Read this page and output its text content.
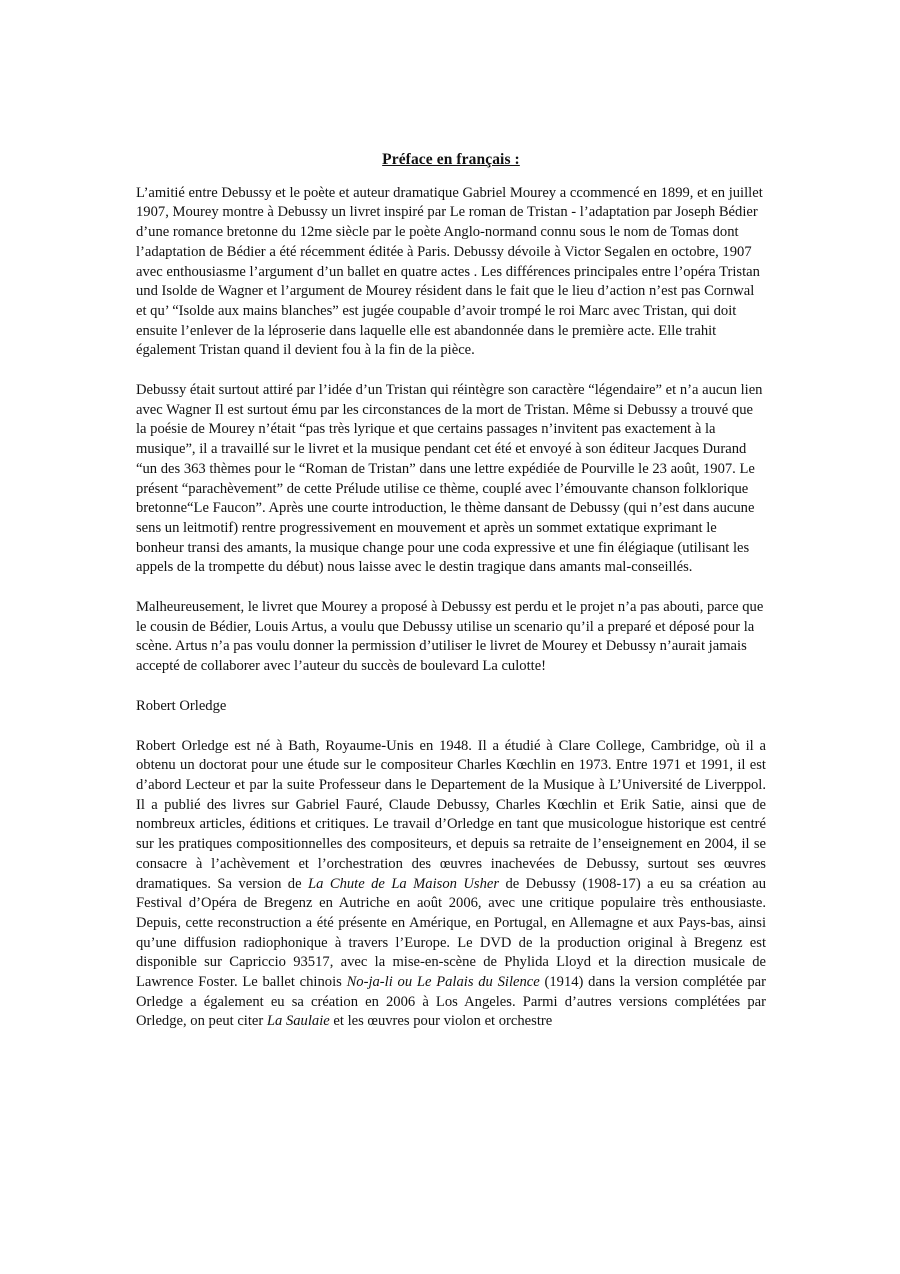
Préface en français :

L’amitié entre Debussy et le poète et auteur dramatique Gabriel Mourey a ccommencé en 1899, et en juillet 1907, Mourey montre à Debussy un livret inspiré par Le roman de Tristan - l’adaptation par Joseph Bédier d’une romance bretonne du 12me siècle par le poète Anglo-normand connu sous le nom de Tomas dont l’adaptation de Bédier a été récemment éditée à Paris. Debussy dévoile à Victor Segalen en octobre, 1907 avec enthousiasme l’argument d’un ballet en quatre actes . Les différences principales entre l’opéra Tristan und Isolde de Wagner et l’argument de Mourey résident dans le fait que le lieu d’action n’est pas Cornwal et qu’ “Isolde aux mains blanches” est jugée coupable d’avoir trompé le roi Marc avec Tristan, qui doit ensuite l’enlever de la léproserie dans laquelle elle est abandonnée dans le première acte. Elle trahit également Tristan quand il devient fou à la fin de la pièce.

Debussy était surtout attiré par l’idée d’un Tristan qui réintègre son caractère “légendaire” et n’a aucun lien avec Wagner Il est surtout ému par les circonstances de la mort de Tristan. Même si Debussy a trouvé que la poésie de Mourey n’était “pas très lyrique et que certains passages n’invitent pas exactement à la musique”, il a travaillé sur le livret et la musique pendant cet été et envoyé à son éditeur Jacques Durand “un des 363 thèmes pour le “Roman de Tristan” dans une lettre expédiée de Pourville le 23 août, 1907. Le présent “parachèvement” de cette Prélude utilise ce thème, couplé avec l’émouvante chanson folklorique bretonne“Le Faucon”. Après une courte introduction, le thème dansant de Debussy (qui n’est dans aucune sens un leitmotif) rentre progressivement en mouvement et après un sommet extatique exprimant le bonheur transi des amants, la musique change pour une coda expressive et une fin élégiaque (utilisant les appels de la trompette du début) nous laisse avec le destin tragique dans amants mal-conseillés.

Malheureusement, le livret que Mourey a proposé à Debussy est perdu et le projet n’a pas abouti, parce que le cousin de Bédier, Louis Artus, a voulu que Debussy utilise un scenario qu’il a preparé et déposé pour la scène. Artus n’a pas voulu donner la permission d’utiliser le livret de Mourey et Debussy n’aurait jamais accepté de collaborer avec l’auteur du succès de boulevard La culotte!

Robert Orledge

Robert Orledge est né à Bath, Royaume-Unis en 1948. Il a étudié à Clare College, Cambridge, où il a obtenu un doctorat pour une étude sur le compositeur Charles Kœchlin en 1973. Entre 1971 et 1991, il est d’abord Lecteur et par la suite Professeur dans le Departement de la Musique à L’Université de Liverppol. Il a publié des livres sur Gabriel Fauré, Claude Debussy, Charles Kœchlin et Erik Satie, ainsi que de nombreux articles, éditions et critiques. Le travail d’Orledge en tant que musicologue historique est centré sur les pratiques compositionnelles des compositeurs, et depuis sa retraite de l’enseignement en 2004, il se consacre à l’achèvement et l’orchestration des œuvres inachevées de Debussy, surtout ses œuvres dramatiques. Sa version de La Chute de La Maison Usher de Debussy (1908-17) a eu sa création au Festival d’Opéra de Bregenz en Autriche en août 2006, avec une critique populaire très enthousiaste. Depuis, cette reconstruction a été présente en Amérique, en Portugal, en Allemagne et aux Pays-bas, ainsi qu’une diffusion radiophonique à travers l’Europe. Le DVD de la production original à Bregenz est disponible sur Capriccio 93517, avec la mise-en-scène de Phylida Lloyd et la direction musicale de Lawrence Foster. Le ballet chinois No-ja-li ou Le Palais du Silence (1914) dans la version complétée par Orledge a également eu sa création en 2006 à Los Angeles. Parmi d’autres versions complétées par Orledge, on peut citer La Saulaie et les œuvres pour violon et orchestre
